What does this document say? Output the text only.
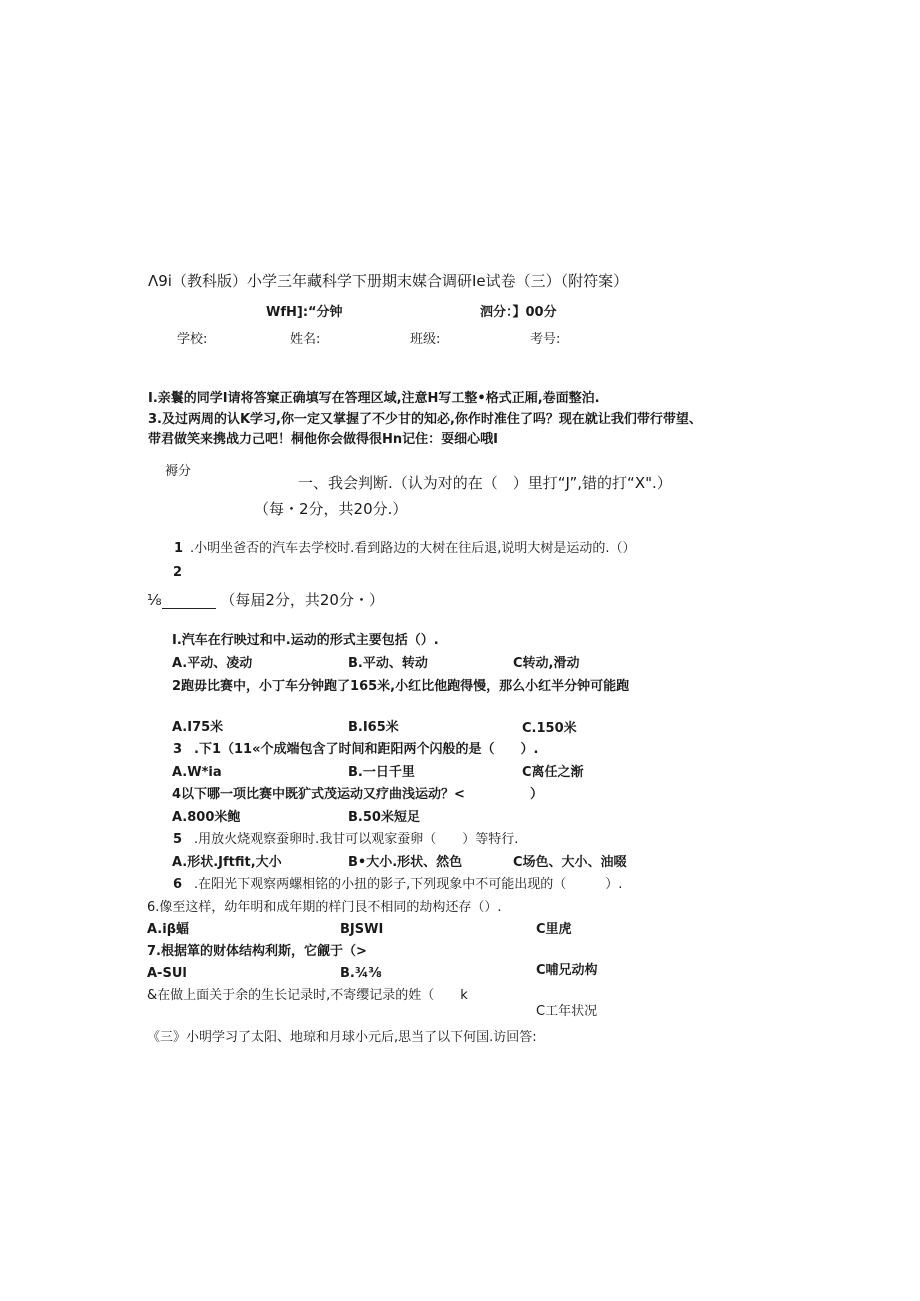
Λ9i（教科版）小学三年藏科学下册期末媒合调研Ie试卷（三）（附符案）
WfH]:“分钟	泗分：】00分
学校:	姓名:	班级:	考号:
I.亲鬟的同学I请将答窠正确填写在答理区域,注意H写工整•格式正厢,卷面整泊.
3.及过两周的认K学习,你一定又掌握了不少甘的知必,你作时准住了吗？现在就让我们带行带望、
带君做笑来携战力己吧！桐他你会做得很Hn记住：耍细心哦I
褥分
一、我会判断.（认为对的在（　）里打“J”,错的打“X".）
（每・2分，共20分.）
1 .小明坐爸否的汽车去学校时.看到路边的大树在往后退,说明大树是运动的.（）
2
⅛	（每届2分，共20分・）
I.汽车在行映过和中.运动的形式主要包括（）.
A.平动、凌动	B.平动、转动	C转动,滑动
2跑毋比赛中，小丁车分钟跑了165米,小红比他跑得慢，那么小红半分钟可能跑
A.I75米	B.I65米	C.150米
3 .下1（11«个成端包含了时间和距阳两个闪般的是（　　）.
A.W*ia	B.一日千里	C离任之渐
4以下哪一项比赛中既犷式茂运动又疗曲浅运动？<　　　　　）
A.800米鲍	B.50米短足
5 .用放火烧观察蚕卵时.我甘可以观家蚕卵（　　）等特行.
A.形状.Jftfit,大小	B•大小.形状、然色	C场色、大小、油啜
6 .在阳光下观察两螺相铭的小扭的影子,下列现象中不可能出现的（　　　）.
6.像至这样，幼年明和成年期的样门艮不相同的劫构还存（）.
A.iβ蝠	BJSWI	C里虎
7.根据箪的财体结构利斯，它觎于（>
A-SUl	B.¾⅜	C哺兄动构
&在做上面关于余的生长记录时,不寄缨记录的姓（　　k
C工年状况
《三》小明学习了太阳、地琼和月球小元后,思当了以下何国.访回答:
